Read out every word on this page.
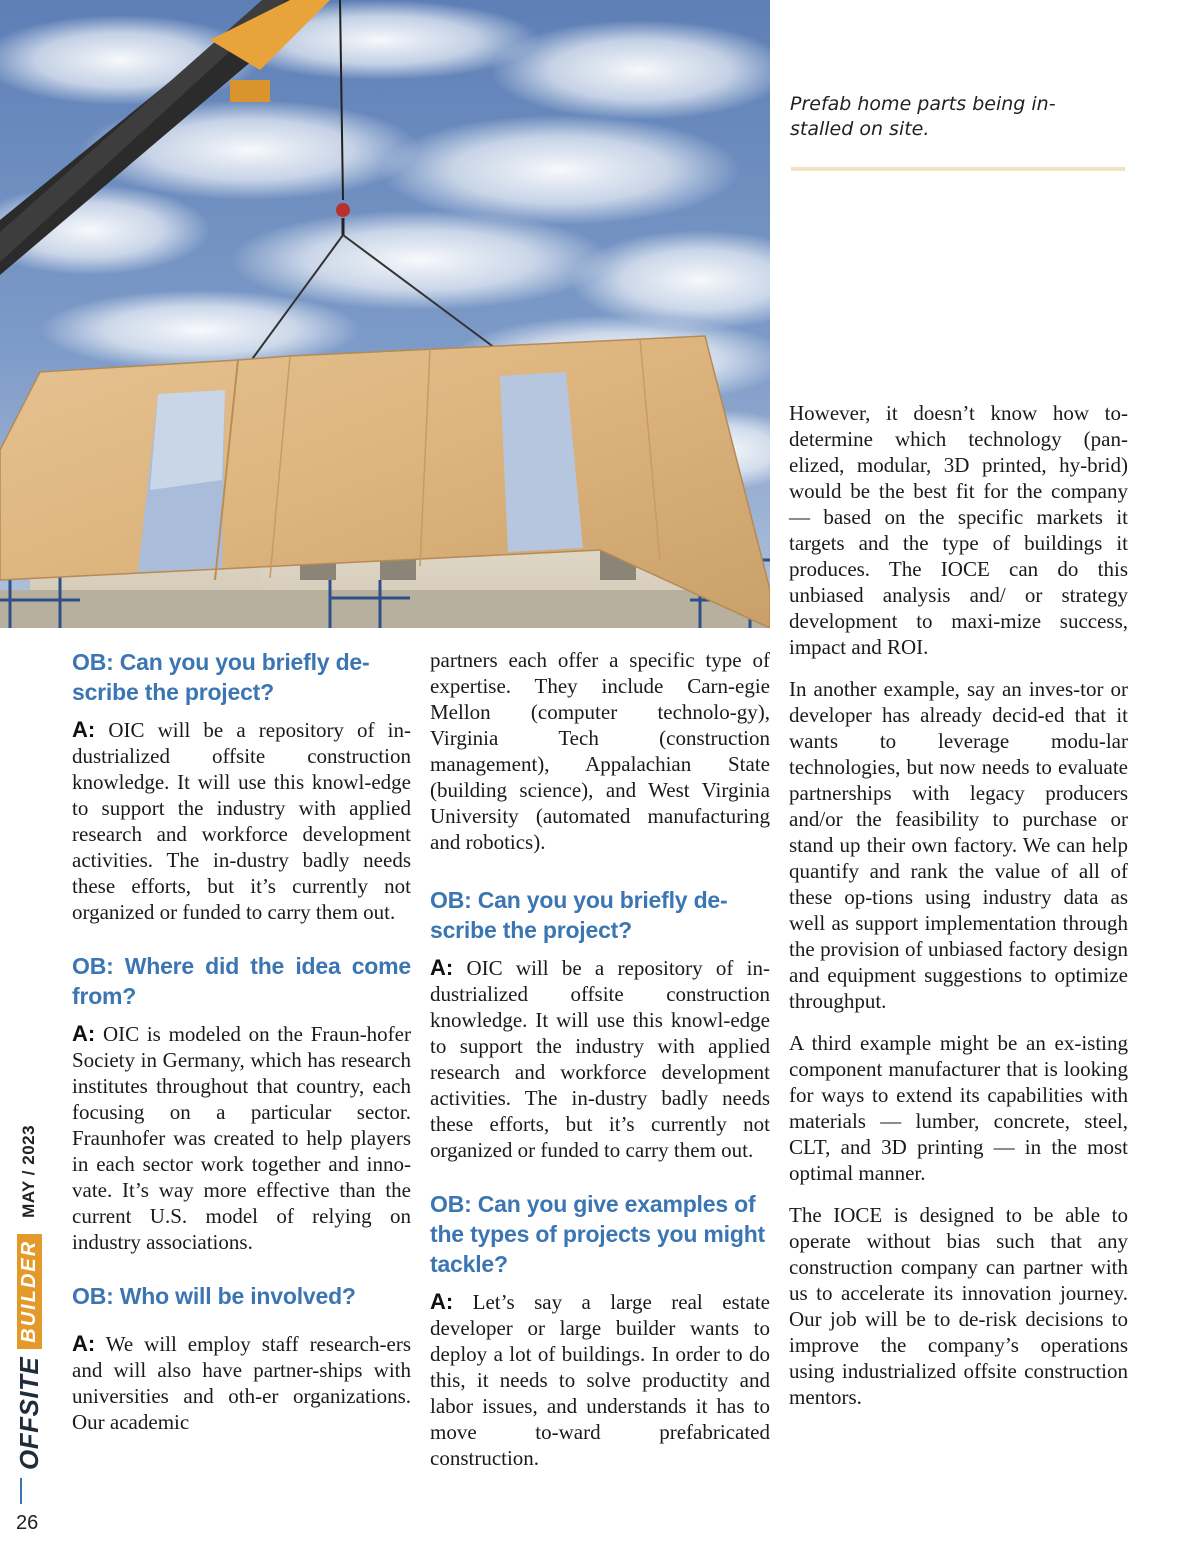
Prefab home parts being in-
stalled on site.
OB: Can you you briefly de-scribe the project?

A: OIC will be a repository of in-dustrialized offsite construction knowledge. It will use this knowl-edge to support the industry with applied research and workforce development activities. The in-dustry badly needs these efforts, but it’s currently not organized or funded to carry them out.

OB: Where did the idea come from?

A: OIC is modeled on the Fraun-hofer Society in Germany, which has research institutes throughout that country, each focusing on a particular sector. Fraunhofer was created to help players in each sector work together and inno-vate. It’s way more effective than the current U.S. model of relying on industry associations.

OB: Who will be involved?

A: We will employ staff research-ers and will also have partner-ships with universities and oth-er organizations. Our academic

partners each offer a specific type of expertise. They include Carn-egie Mellon (computer technolo-gy), Virginia Tech (construction management), Appalachian State (building science), and West Virginia University (automated manufacturing and robotics).

OB: Can you you briefly de-scribe the project?

A: OIC will be a repository of in-dustrialized offsite construction knowledge. It will use this knowl-edge to support the industry with applied research and workforce development activities. The in-dustry badly needs these efforts, but it’s currently not organized or funded to carry them out.

OB: Can you give examples of the types of projects you might tackle?

A: Let’s say a large real estate developer or large builder wants to deploy a lot of buildings. In order to do this, it needs to solve productity and labor issues, and understands it has to move to-ward prefabricated construction.

However, it doesn’t know how to-determine which technology (pan-elized, modular, 3D printed, hy-brid) would be the best fit for the company — based on the specific markets it targets and the type of buildings it produces. The IOCE can do this unbiased analysis and/ or strategy development to maxi-mize success, impact and ROI.

In another example, say an inves-tor or developer has already decid-ed that it wants to leverage modu-lar technologies, but now needs to evaluate partnerships with legacy producers and/or the feasibility to purchase or stand up their own factory. We can help quantify and rank the value of all of these op-tions using industry data as well as support implementation through the provision of unbiased factory design and equipment suggestions to optimize throughput.

A third example might be an ex-isting component manufacturer that is looking for ways to extend its capabilities with materials — lumber, concrete, steel, CLT, and 3D printing — in the most optimal manner.

The IOCE is designed to be able to operate without bias such that any construction company can partner with us to accelerate its innovation journey. Our job will be to de-risk decisions to improve the company’s operations using industrialized offsite construction mentors.

OFFSITE
BUILDER
MAY / 2023
26
